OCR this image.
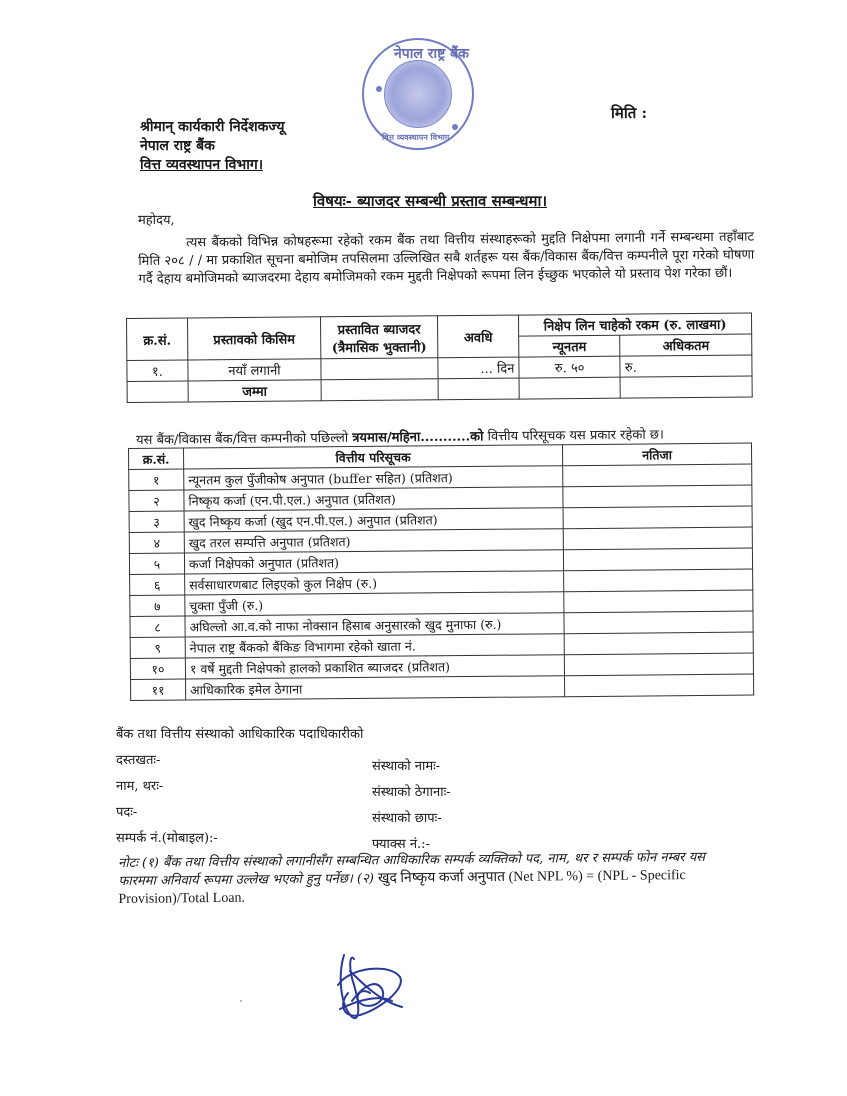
नेपाल राष्ट्र बैंक
वित्त व्यवस्थापन विभाग
मिति :
श्रीमान् कार्यकारी निर्देशकज्यू
नेपाल राष्ट्र बैंक
वित्त व्यवस्थापन विभाग।
विषयः- ब्याजदर सम्बन्धी प्रस्ताव सम्बन्धमा।
महोदय,
त्यस बैंकको विभिन्न कोषहरूमा रहेको रकम बैंक तथा वित्तीय संस्थाहरूको मुद्दति निक्षेपमा लगानी गर्ने सम्बन्धमा तहाँबाट मिति २०८ / / मा प्रकाशित सूचना बमोजिम तपसिलमा उल्लिखित सबै शर्तहरू यस बैंक/विकास बैंक/वित्त कम्पनीले पूरा गरेको घोषणा गर्दै देहाय बमोजिमको ब्याजदरमा देहाय बमोजिमको रकम मुद्दती निक्षेपको रूपमा लिन ईच्छुक भएकोले यो प्रस्ताव पेश गरेका छौं।
क्र.सं.	प्रस्तावको किसिम	प्रस्तावित ब्याजदर (त्रैमासिक भुक्तानी)	अवधि	निक्षेप लिन चाहेको रकम (रु. लाखमा)	
				न्यूनतम	अधिकतम
१.	नयाँ लगानी		... दिन	रु. ५०	रु.
	जम्मा				
यस बैंक/विकास बैंक/वित्त कम्पनीको पछिल्लो त्रयमास/महिना...........को वित्तीय परिसूचक यस प्रकार रहेको छ।
क्र.सं.	वित्तीय परिसूचक	नतिजा
१	न्यूनतम कुल पुँजीकोष अनुपात (buffer सहित) (प्रतिशत)	
२	निष्कृय कर्जा (एन.पी.एल.) अनुपात (प्रतिशत)	
३	खुद निष्कृय कर्जा (खुद एन.पी.एल.) अनुपात (प्रतिशत)	
४	खुद तरल सम्पत्ति अनुपात (प्रतिशत)	
५	कर्जा निक्षेपको अनुपात (प्रतिशत)	
६	सर्वसाधारणबाट लिइएको कुल निक्षेप (रु.)	
७	चुक्ता पुँजी (रु.)	
८	अघिल्लो आ.व.को नाफा नोक्सान हिसाब अनुसारको खुद मुनाफा (रु.)	
९	नेपाल राष्ट्र बैंकको बैंकिङ विभागमा रहेको खाता नं.	
१०	१ वर्षे मुद्दती निक्षेपको हालको प्रकाशित ब्याजदर (प्रतिशत)	
११	आधिकारिक इमेल ठेगाना	
बैंक तथा वित्तीय संस्थाको आधिकारिक पदाधिकारीको
दस्तखतः-
नाम, थरः-
पदः-
सम्पर्क नं.(मोबाइल):-
संस्थाको नामः-
संस्थाको ठेगानाः-
संस्थाको छापः-
फ्याक्स नं.:-
नोटः (१) बैंक तथा वित्तीय संस्थाको लगानीसँग सम्बन्धित आधिकारिक सम्पर्क व्यक्तिको पद, नाम, थर र सम्पर्क फोन नम्बर यस फारममा अनिवार्य रूपमा उल्लेख भएको हुनु पर्नेछ। (२) खुद निष्कृय कर्जा अनुपात (Net NPL %) = (NPL - Specific Provision)/Total Loan.
